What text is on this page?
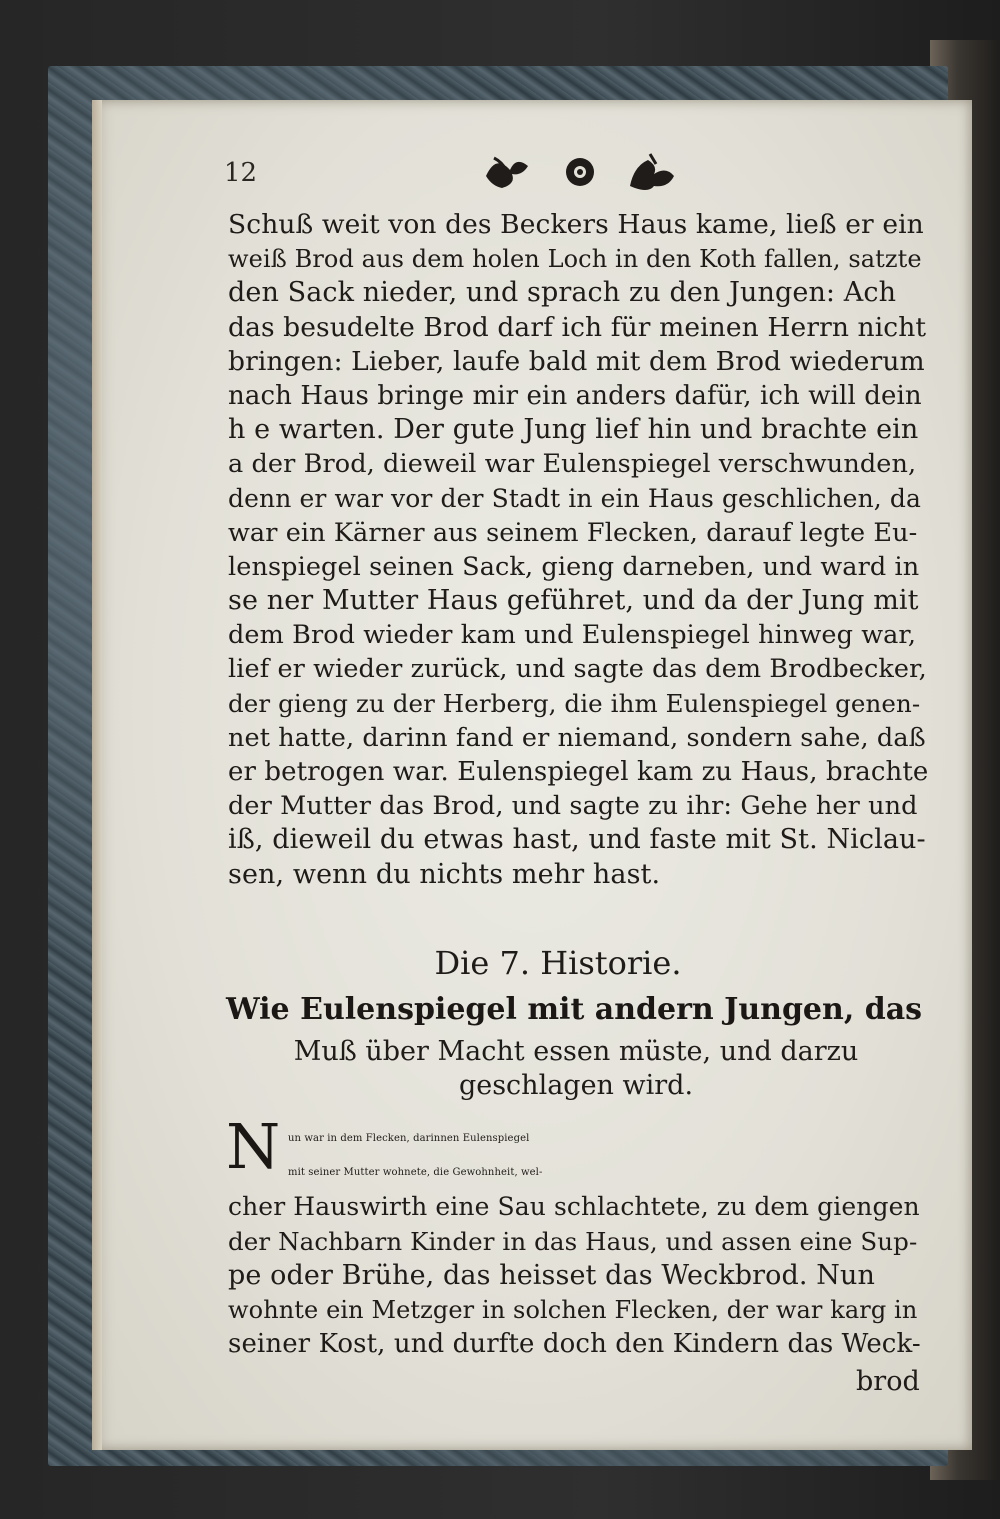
12
Schuß weit von des Beckers Haus kame, ließ er ein
weiß Brod aus dem holen Loch in den Koth fallen, satzte
den Sack nieder, und sprach zu den Jungen: Ach
das besudelte Brod darf ich für meinen Herrn nicht
bringen: Lieber, laufe bald mit dem Brod wiederum
nach Haus bringe mir ein anders dafür, ich will dein
h e warten. Der gute Jung lief hin und brachte ein
a der Brod, dieweil war Eulenspiegel verschwunden,
denn er war vor der Stadt in ein Haus geschlichen, da
war ein Kärner aus seinem Flecken, darauf legte Eu-
lenspiegel seinen Sack, gieng darneben, und ward in
se ner Mutter Haus geführet, und da der Jung mit
dem Brod wieder kam und Eulenspiegel hinweg war,
lief er wieder zurück, und sagte das dem Brodbecker,
der gieng zu der Herberg, die ihm Eulenspiegel genen-
net hatte, darinn fand er niemand, sondern sahe, daß
er betrogen war. Eulenspiegel kam zu Haus, brachte
der Mutter das Brod, und sagte zu ihr: Gehe her und
iß, dieweil du etwas hast, und faste mit St. Niclau-
sen, wenn du nichts mehr hast.
Die 7. Historie.
Wie Eulenspiegel mit andern Jungen, das
Muß über Macht essen müste, und darzu
geschlagen wird.
N un war in dem Flecken, darinnen Eulenspiegel
mit seiner Mutter wohnete, die Gewohnheit, wel-
cher Hauswirth eine Sau schlachtete, zu dem giengen
der Nachbarn Kinder in das Haus, und assen eine Sup-
pe oder Brühe, das heisset das Weckbrod. Nun
wohnte ein Metzger in solchen Flecken, der war karg in
seiner Kost, und durfte doch den Kindern das Weck-
brod
